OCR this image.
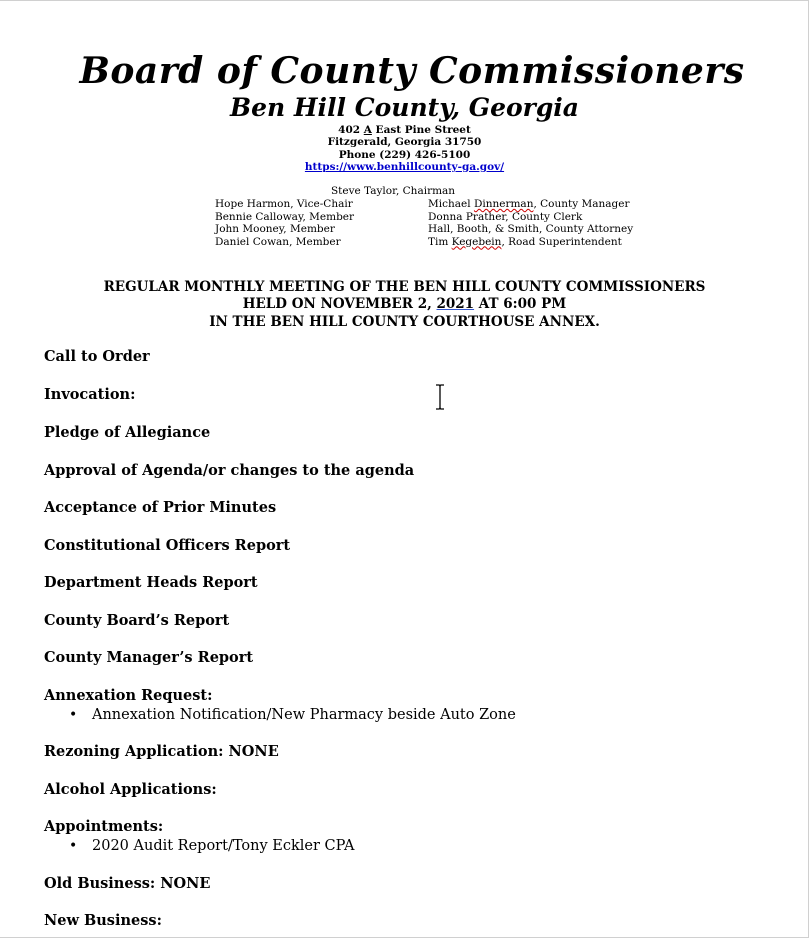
Board of County Commissioners
Ben Hill County, Georgia
402 A East Pine Street
Fitzgerald, Georgia 31750
Phone (229) 426-5100
https://www.benhillcounty-ga.gov/
Steve Taylor, Chairman
Hope Harmon, Vice-Chair
Bennie Calloway, Member
John Mooney, Member
Daniel Cowan, Member
Michael Dinnerman, County Manager
Donna Prather, County Clerk
Hall, Booth, & Smith, County Attorney
Tim Kegebein, Road Superintendent
REGULAR MONTHLY MEETING OF THE BEN HILL COUNTY COMMISSIONERS
HELD ON NOVEMBER 2, 2021 AT 6:00 PM
IN THE BEN HILL COUNTY COURTHOUSE ANNEX.
Call to Order
Invocation:
Pledge of Allegiance
Approval of Agenda/or changes to the agenda
Acceptance of Prior Minutes
Constitutional Officers Report
Department Heads Report
County Board’s Report
County Manager’s Report
Annexation Request:
• Annexation Notification/New Pharmacy beside Auto Zone
Rezoning Application: NONE
Alcohol Applications:
Appointments:
• 2020 Audit Report/Tony Eckler CPA
Old Business: NONE
New Business:
